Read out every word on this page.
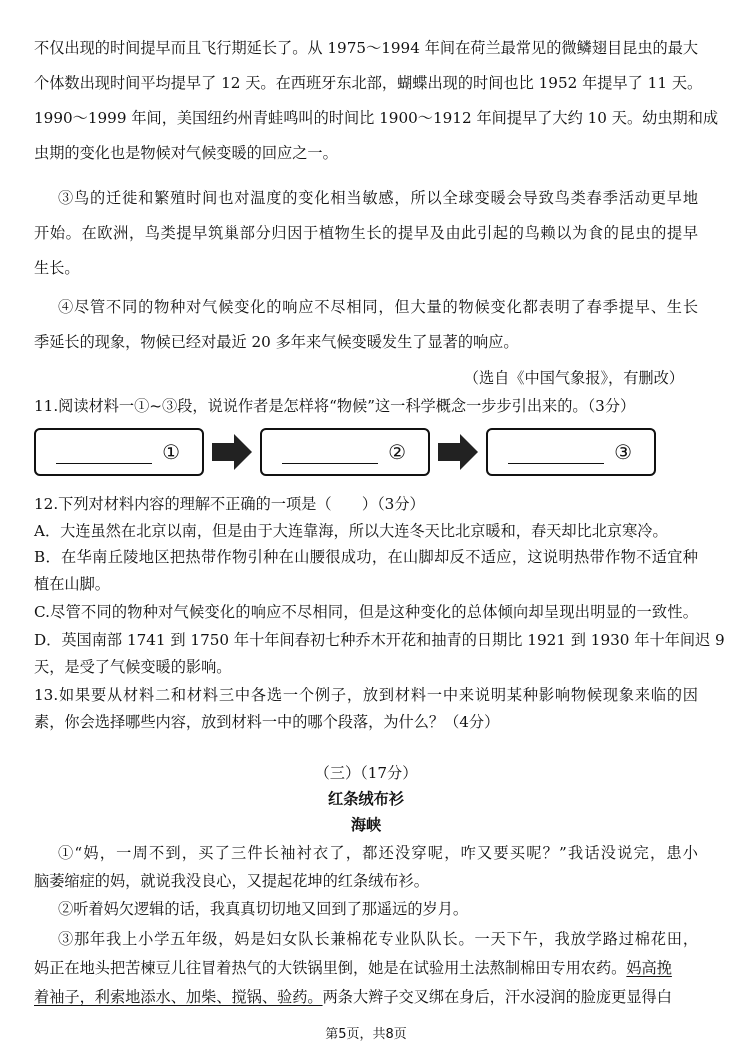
不仅出现的时间提早而且飞行期延长了。从 1975～1994 年间在荷兰最常见的微鳞翅目昆虫的最大
个体数出现时间平均提早了 12 天。在西班牙东北部，蝴蝶出现的时间也比 1952 年提早了 11 天。
1990～1999 年间，美国纽约州青蛙鸣叫的时间比 1900～1912 年间提早了大约 10 天。幼虫期和成
虫期的变化也是物候对气候变暖的回应之一。
③鸟的迁徙和繁殖时间也对温度的变化相当敏感，所以全球变暖会导致鸟类春季活动更早地
开始。在欧洲，鸟类提早筑巢部分归因于植物生长的提早及由此引起的鸟赖以为食的昆虫的提早
生长。
④尽管不同的物种对气候变化的响应不尽相同，但大量的物候变化都表明了春季提早、生长
季延长的现象，物候已经对最近 20 多年来气候变暖发生了显著的响应。
（选自《中国气象报》，有删改）
11.阅读材料一①~③段，说说作者是怎样将“物候”这一科学概念一步步引出来的。（3分）
①	②	③
12.下列对材料内容的理解不正确的一项是（　　）（3分）
A．大连虽然在北京以南，但是由于大连靠海，所以大连冬天比北京暖和，春天却比北京寒冷。
B．在华南丘陵地区把热带作物引种在山腰很成功，在山脚却反不适应，这说明热带作物不适宜种
植在山脚。
C.尽管不同的物种对气候变化的响应不尽相同，但是这种变化的总体倾向却呈现出明显的一致性。
D．英国南部 1741 到 1750 年十年间春初七种乔木开花和抽青的日期比 1921 到 1930 年十年间迟 9
天，是受了气候变暖的影响。
13.如果要从材料二和材料三中各选一个例子，放到材料一中来说明某种影响物候现象来临的因
素，你会选择哪些内容，放到材料一中的哪个段落，为什么？（4分）
（三）（17分）
红条绒布衫
海峡
①“妈，一周不到，买了三件长袖衬衣了，都还没穿呢，咋又要买呢？”我话没说完，患小
脑萎缩症的妈，就说我没良心，又提起花坤的红条绒布衫。
②听着妈欠逻辑的话，我真真切切地又回到了那遥远的岁月。
③那年我上小学五年级，妈是妇女队长兼棉花专业队队长。一天下午，我放学路过棉花田，
妈正在地头把苦楝豆儿往冒着热气的大铁锅里倒，她是在试验用土法熬制棉田专用农药。妈高挽
着袖子，利索地添水、加柴、搅锅、验药。两条大辫子交叉绑在身后，汗水浸润的脸庞更显得白
第5页，共8页
